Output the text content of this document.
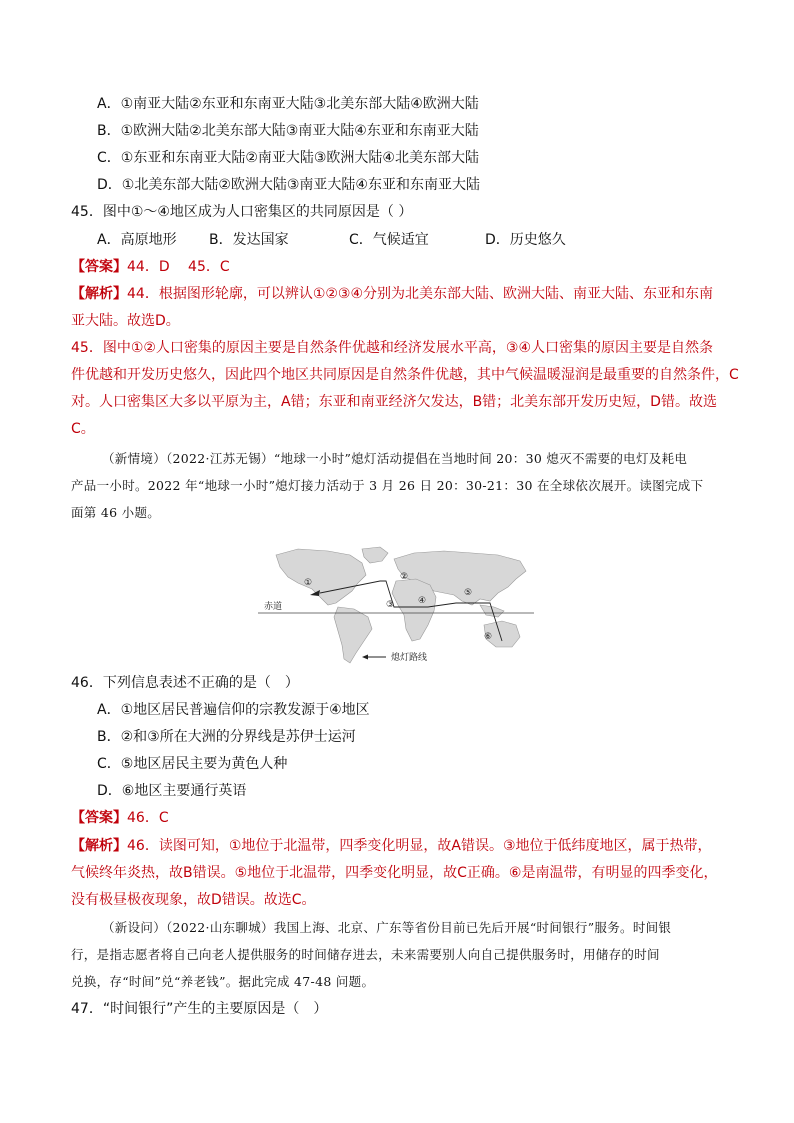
A．①南亚大陆②东亚和东南亚大陆③北美东部大陆④欧洲大陆
B．①欧洲大陆②北美东部大陆③南亚大陆④东亚和东南亚大陆
C．①东亚和东南亚大陆②南亚大陆③欧洲大陆④北美东部大陆
D．①北美东部大陆②欧洲大陆③南亚大陆④东亚和东南亚大陆
45．图中①～④地区成为人口密集区的共同原因是（ ）
A．高原地形 B．发达国家	C．气候适宜	D．历史悠久
【答案】44．D　 45．C
【解析】44．根据图形轮廓，可以辨认①②③④分别为北美东部大陆、欧洲大陆、南亚大陆、东亚和东南
亚大陆。故选D。
45．图中①②人口密集的原因主要是自然条件优越和经济发展水平高，③④人口密集的原因主要是自然条
件优越和开发历史悠久，因此四个地区共同原因是自然条件优越，其中气候温暖湿润是最重要的自然条件，C
对。人口密集区大多以平原为主，A错；东亚和南亚经济欠发达，B错；北美东部开发历史短，D错。故选
C。
（新情境）（2022·江苏无锡）“地球一小时”熄灯活动提倡在当地时间 20：30 熄灭不需要的电灯及耗电
产品一小时。2022 年“地球一小时”熄灯接力活动于 3 月 26 日 20：30-21：30 在全球依次展开。读图完成下
面第 46 小题。
①
②
③	④
⑤
⑥
赤道
熄灯路线
46．下列信息表述不正确的是（　）
A．①地区居民普遍信仰的宗教发源于④地区
B．②和③所在大洲的分界线是苏伊士运河
C．⑤地区居民主要为黄色人种
D．⑥地区主要通行英语
【答案】46．C
【解析】46．读图可知，①地位于北温带，四季变化明显，故A错误。③地位于低纬度地区，属于热带，
气候终年炎热，故B错误。⑤地位于北温带，四季变化明显，故C正确。⑥是南温带，有明显的四季变化，
没有极昼极夜现象，故D错误。故选C。
（新设问）（2022·山东聊城）我国上海、北京、广东等省份目前已先后开展“时间银行”服务。时间银
行，是指志愿者将自己向老人提供服务的时间储存进去，未来需要别人向自己提供服务时，用储存的时间
兑换，存“时间”兑“养老钱”。据此完成 47-48 问题。
47．“时间银行”产生的主要原因是（　）
